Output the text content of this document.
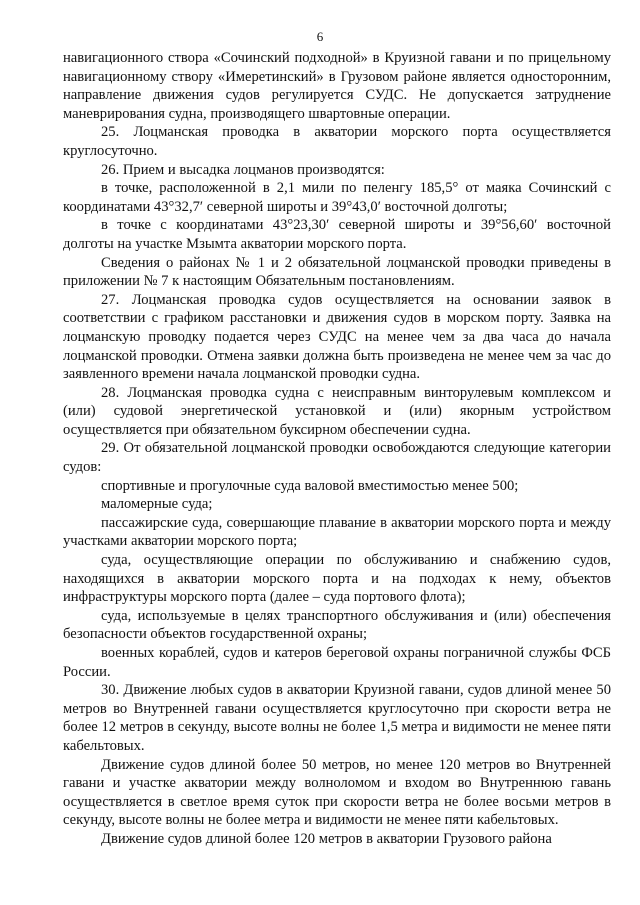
6

навигационного створа «Сочинский подходной» в Круизной гавани и по прицельному навигационному створу «Имеретинский» в Грузовом районе является односторонним, направление движения судов регулируется СУДС. Не допускается затруднение маневрирования судна, производящего швартовные операции.

25. Лоцманская проводка в акватории морского порта осуществляется круглосуточно.

26. Прием и высадка лоцманов производятся:

в точке, расположенной в 2,1 мили по пеленгу 185,5° от маяка Сочинский с координатами 43°32,7′ северной широты и 39°43,0′ восточной долготы;

в точке с координатами 43°23,30′ северной широты и 39°56,60′ восточной долготы на участке Мзымта акватории морского порта.

Сведения о районах № 1 и 2 обязательной лоцманской проводки приведены в приложении № 7 к настоящим Обязательным постановлениям.

27. Лоцманская проводка судов осуществляется на основании заявок в соответствии с графиком расстановки и движения судов в морском порту. Заявка на лоцманскую проводку подается через СУДС на менее чем за два часа до начала лоцманской проводки. Отмена заявки должна быть произведена не менее чем за час до заявленного времени начала лоцманской проводки судна.

28. Лоцманская проводка судна с неисправным винторулевым комплексом и (или) судовой энергетической установкой и (или) якорным устройством осуществляется при обязательном буксирном обеспечении судна.

29. От обязательной лоцманской проводки освобождаются следующие категории судов:

спортивные и прогулочные суда валовой вместимостью менее 500;

маломерные суда;

пассажирские суда, совершающие плавание в акватории морского порта и между участками акватории морского порта;

суда, осуществляющие операции по обслуживанию и снабжению судов, находящихся в акватории морского порта и на подходах к нему, объектов инфраструктуры морского порта (далее – суда портового флота);

суда, используемые в целях транспортного обслуживания и (или) обеспечения безопасности объектов государственной охраны;

военных кораблей, судов и катеров береговой охраны пограничной службы ФСБ России.

30. Движение любых судов в акватории Круизной гавани, судов длиной менее 50 метров во Внутренней гавани осуществляется круглосуточно при скорости ветра не более 12 метров в секунду, высоте волны не более 1,5 метра и видимости не менее пяти кабельтовых.

Движение судов длиной более 50 метров, но менее 120 метров во Внутренней гавани и участке акватории между волноломом и входом во Внутреннюю гавань осуществляется в светлое время суток при скорости ветра не более восьми метров в секунду, высоте волны не более метра и видимости не менее пяти кабельтовых.

Движение судов длиной более 120 метров в акватории Грузового района
